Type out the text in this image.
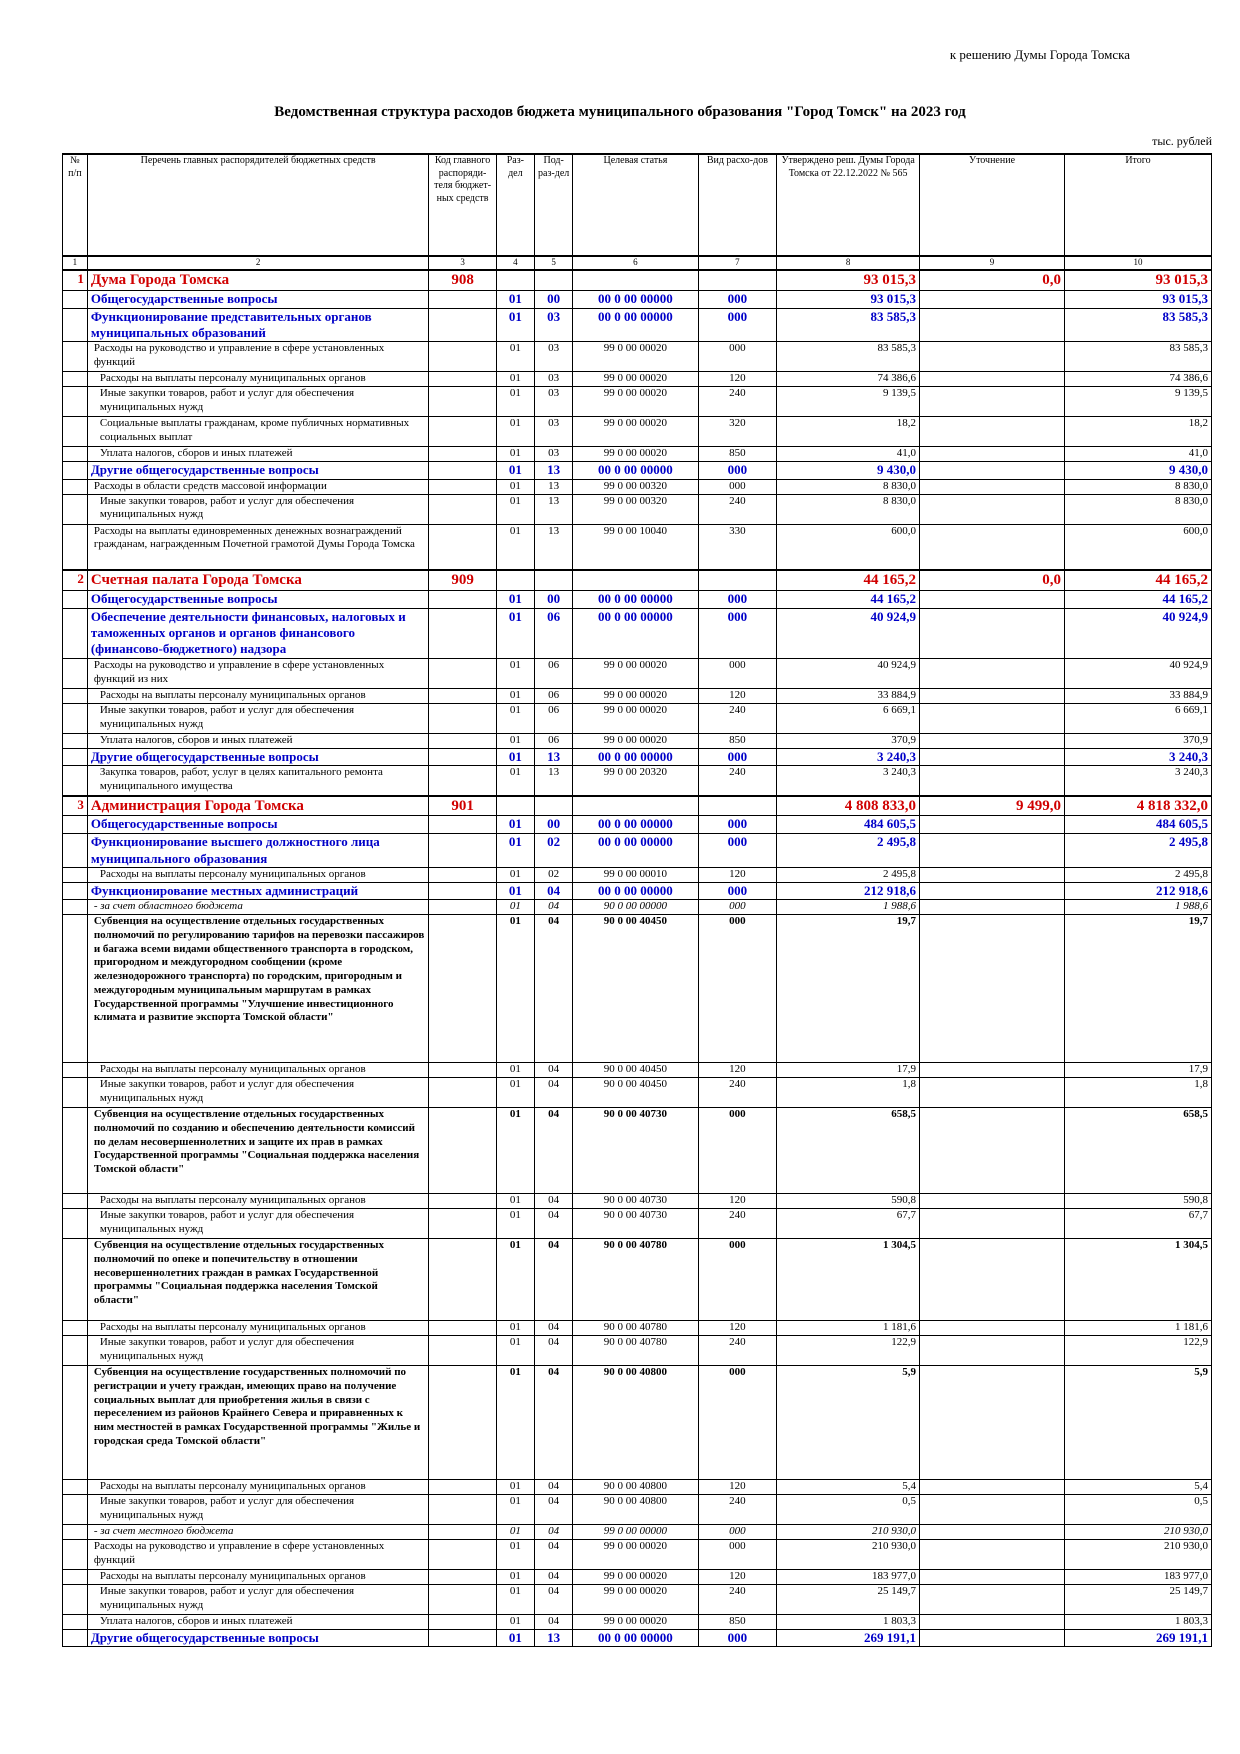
к решению Думы Города Томска
Ведомственная структура расходов бюджета муниципального образования "Город Томск" на 2023 год
тыс. рублей
№ п/п	Перечень главных распорядителей бюджетных средств	Код главного распоряди-теля бюджет-ных средств	Раз-дел	Под-раз-дел	Целевая статья	Вид расхо-дов	Утверждено реш. Думы Города Томска от 22.12.2022 № 565	Уточнение	Итого
1	2	3	4	5	6	7	8	9	10
1	Дума Города Томска	908					93 015,3	0,0	93 015,3
	Общегосударственные вопросы		01	00	00 0 00 00000	000	93 015,3		93 015,3
	Функционирование представительных органов муниципальных образований		01	03	00 0 00 00000	000	83 585,3		83 585,3
	Расходы на руководство и управление в сфере установленных функций		01	03	99 0 00 00020	000	83 585,3		83 585,3
	Расходы на выплаты персоналу муниципальных органов		01	03	99 0 00 00020	120	74 386,6		74 386,6
	Иные закупки товаров, работ и услуг для обеспечения муниципальных нужд		01	03	99 0 00 00020	240	9 139,5		9 139,5
	Социальные выплаты гражданам, кроме публичных нормативных социальных выплат		01	03	99 0 00 00020	320	18,2		18,2
	Уплата налогов, сборов и иных платежей		01	03	99 0 00 00020	850	41,0		41,0
	Другие общегосударственные вопросы		01	13	00 0 00 00000	000	9 430,0		9 430,0
	Расходы в области средств массовой информации		01	13	99 0 00 00320	000	8 830,0		8 830,0
	Иные закупки товаров, работ и услуг для обеспечения муниципальных нужд		01	13	99 0 00 00320	240	8 830,0		8 830,0
	Расходы на выплаты единовременных денежных вознаграждений гражданам, награжденным Почетной грамотой Думы Города Томска		01	13	99 0 00 10040	330	600,0		600,0
2	Счетная палата Города Томска	909					44 165,2	0,0	44 165,2
	Общегосударственные вопросы		01	00	00 0 00 00000	000	44 165,2		44 165,2
	Обеспечение деятельности финансовых, налоговых и таможенных органов и органов финансового (финансово-бюджетного) надзора		01	06	00 0 00 00000	000	40 924,9		40 924,9
	Расходы на руководство и управление в сфере установленных функций из них		01	06	99 0 00 00020	000	40 924,9		40 924,9
	Расходы на выплаты персоналу муниципальных органов		01	06	99 0 00 00020	120	33 884,9		33 884,9
	Иные закупки товаров, работ и услуг для обеспечения муниципальных нужд		01	06	99 0 00 00020	240	6 669,1		6 669,1
	Уплата налогов, сборов и иных платежей		01	06	99 0 00 00020	850	370,9		370,9
	Другие общегосударственные вопросы		01	13	00 0 00 00000	000	3 240,3		3 240,3
	Закупка товаров, работ, услуг в целях капитального ремонта муниципального имущества		01	13	99 0 00 20320	240	3 240,3		3 240,3
3	Администрация Города Томска	901					4 808 833,0	9 499,0	4 818 332,0
	Общегосударственные вопросы		01	00	00 0 00 00000	000	484 605,5		484 605,5
	Функционирование высшего должностного лица муниципального образования		01	02	00 0 00 00000	000	2 495,8		2 495,8
	Расходы на выплаты персоналу муниципальных органов		01	02	99 0 00 00010	120	2 495,8		2 495,8
	Функционирование местных администраций		01	04	00 0 00 00000	000	212 918,6		212 918,6
	- за счет областного бюджета		01	04	90 0 00 00000	000	1 988,6		1 988,6
	Субвенция на осуществление отдельных государственных полномочий по регулированию тарифов на перевозки пассажиров и багажа всеми видами общественного транспорта в городском, пригородном и междугородном сообщении (кроме железнодорожного транспорта) по городским, пригородным и междугородным муниципальным маршрутам в рамках Государственной программы "Улучшение инвестиционного климата и развитие экспорта Томской области"		01	04	90 0 00 40450	000	19,7		19,7
	Расходы на выплаты персоналу муниципальных органов		01	04	90 0 00 40450	120	17,9		17,9
	Иные закупки товаров, работ и услуг для обеспечения муниципальных нужд		01	04	90 0 00 40450	240	1,8		1,8
	Субвенция на осуществление отдельных государственных полномочий по созданию и обеспечению деятельности комиссий по делам несовершеннолетних и защите их прав в рамках Государственной программы "Социальная поддержка населения Томской области"		01	04	90 0 00 40730	000	658,5		658,5
	Расходы на выплаты персоналу муниципальных органов		01	04	90 0 00 40730	120	590,8		590,8
	Иные закупки товаров, работ и услуг для обеспечения муниципальных нужд		01	04	90 0 00 40730	240	67,7		67,7
	Субвенция на осуществление отдельных государственных полномочий по опеке и попечительству в отношении несовершеннолетних граждан в рамках Государственной программы "Социальная поддержка населения Томской области"		01	04	90 0 00 40780	000	1 304,5		1 304,5
	Расходы на выплаты персоналу муниципальных органов		01	04	90 0 00 40780	120	1 181,6		1 181,6
	Иные закупки товаров, работ и услуг для обеспечения муниципальных нужд		01	04	90 0 00 40780	240	122,9		122,9
	Субвенция на осуществление государственных полномочий по регистрации и учету граждан, имеющих право на получение социальных выплат для приобретения жилья в связи с переселением из районов Крайнего Севера и приравненных к ним местностей в рамках Государственной программы "Жилье и городская среда Томской области"		01	04	90 0 00 40800	000	5,9		5,9
	Расходы на выплаты персоналу муниципальных органов		01	04	90 0 00 40800	120	5,4		5,4
	Иные закупки товаров, работ и услуг для обеспечения муниципальных нужд		01	04	90 0 00 40800	240	0,5		0,5
	- за счет местного бюджета		01	04	99 0 00 00000	000	210 930,0		210 930,0
	Расходы на руководство и управление в сфере установленных функций		01	04	99 0 00 00020	000	210 930,0		210 930,0
	Расходы на выплаты персоналу муниципальных органов		01	04	99 0 00 00020	120	183 977,0		183 977,0
	Иные закупки товаров, работ и услуг для обеспечения муниципальных нужд		01	04	99 0 00 00020	240	25 149,7		25 149,7
	Уплата налогов, сборов и иных платежей		01	04	99 0 00 00020	850	1 803,3		1 803,3
	Другие общегосударственные вопросы		01	13	00 0 00 00000	000	269 191,1		269 191,1
